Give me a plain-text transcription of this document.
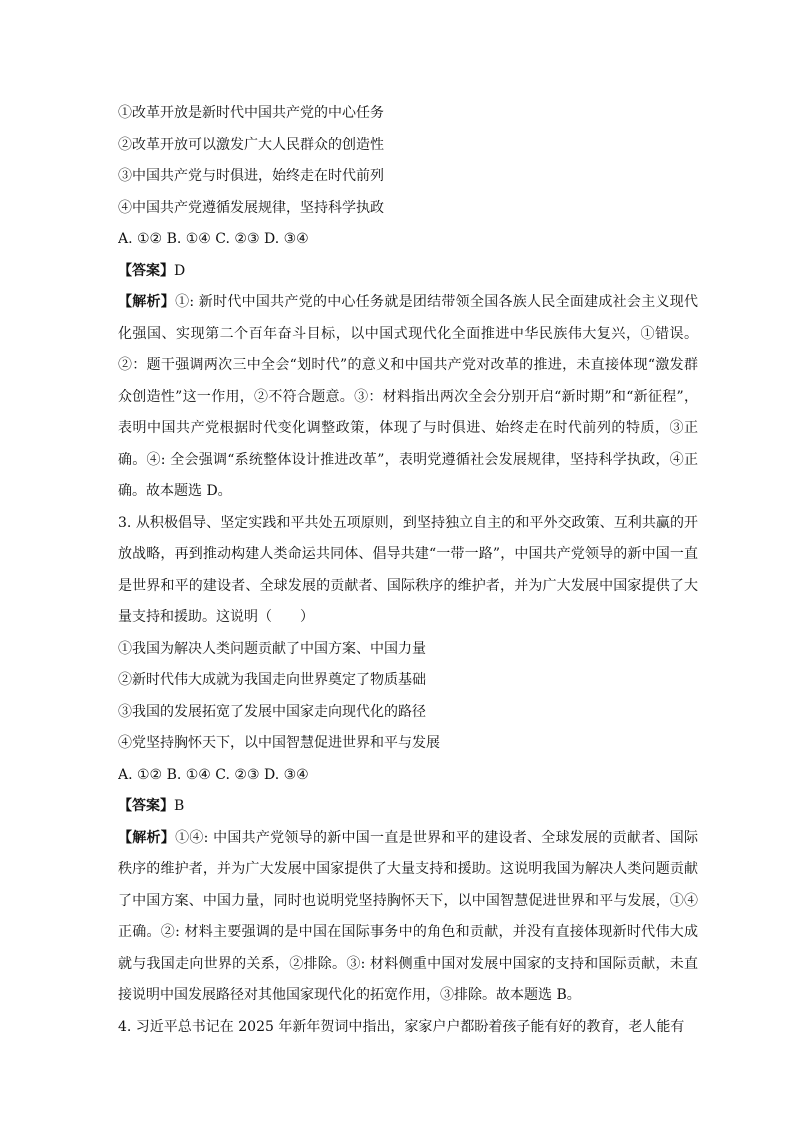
①改革开放是新时代中国共产党的中心任务
②改革开放可以激发广大人民群众的创造性
③中国共产党与时俱进，始终走在时代前列
④中国共产党遵循发展规律，坚持科学执政
A. ①② B. ①④ C. ②③ D. ③④
【答案】D
【解析】①: 新时代中国共产党的中心任务就是团结带领全国各族人民全面建成社会主义现代化强国、实现第二个百年奋斗目标，以中国式现代化全面推进中华民族伟大复兴，①错误。②：题干强调两次三中全会“划时代”的意义和中国共产党对改革的推进，未直接体现“激发群众创造性”这一作用，②不符合题意。③：材料指出两次全会分别开启“新时期”和“新征程”，表明中国共产党根据时代变化调整政策，体现了与时俱进、始终走在时代前列的特质，③正确。④: 全会强调“系统整体设计推进改革”，表明党遵循社会发展规律，坚持科学执政，④正确。故本题选 D。
3. 从积极倡导、坚定实践和平共处五项原则，到坚持独立自主的和平外交政策、互利共赢的开放战略，再到推动构建人类命运共同体、倡导共建“一带一路”，中国共产党领导的新中国一直是世界和平的建设者、全球发展的贡献者、国际秩序的维护者，并为广大发展中国家提供了大量支持和援助。这说明（　　）
①我国为解决人类问题贡献了中国方案、中国力量
②新时代伟大成就为我国走向世界奠定了物质基础
③我国的发展拓宽了发展中国家走向现代化的路径
④党坚持胸怀天下，以中国智慧促进世界和平与发展
A. ①② B. ①④ C. ②③ D. ③④
【答案】B
【解析】①④: 中国共产党领导的新中国一直是世界和平的建设者、全球发展的贡献者、国际秩序的维护者，并为广大发展中国家提供了大量支持和援助。这说明我国为解决人类问题贡献了中国方案、中国力量，同时也说明党坚持胸怀天下，以中国智慧促进世界和平与发展，①④正确。②: 材料主要强调的是中国在国际事务中的角色和贡献，并没有直接体现新时代伟大成就与我国走向世界的关系，②排除。③: 材料侧重中国对发展中国家的支持和国际贡献，未直接说明中国发展路径对其他国家现代化的拓宽作用，③排除。故本题选 B。
4. 习近平总书记在 2025 年新年贺词中指出，家家户户都盼着孩子能有好的教育，老人能有
